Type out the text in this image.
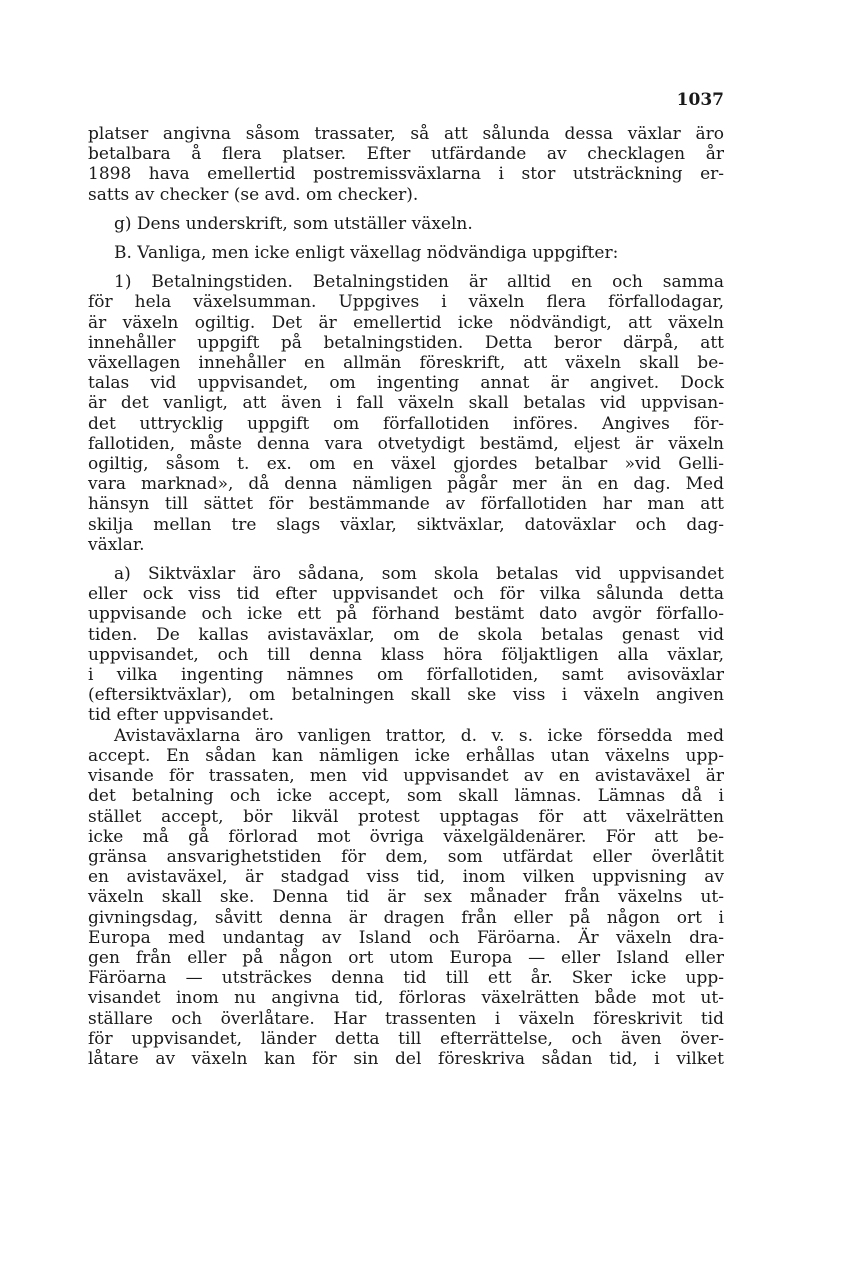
1037
platser angivna såsom trassater, så att sålunda dessa växlar äro
betalbara å flera platser. Efter utfärdande av checklagen år
1898 hava emellertid postremissväxlarna i stor utsträckning er-
satts av checker (se avd. om checker).
g) Dens underskrift, som utställer växeln.
B. Vanliga, men icke enligt växellag nödvändiga uppgifter:
1) Betalningstiden. Betalningstiden är alltid en och samma
för hela växelsumman. Uppgives i växeln flera förfallodagar,
är växeln ogiltig. Det är emellertid icke nödvändigt, att växeln
innehåller uppgift på betalningstiden. Detta beror därpå, att
växellagen innehåller en allmän föreskrift, att växeln skall be-
talas vid uppvisandet, om ingenting annat är angivet. Dock
är det vanligt, att även i fall växeln skall betalas vid uppvisan-
det uttrycklig uppgift om förfallotiden införes. Angives för-
fallotiden, måste denna vara otvetydigt bestämd, eljest är växeln
ogiltig, såsom t. ex. om en växel gjordes betalbar »vid Gelli-
vara marknad», då denna nämligen pågår mer än en dag. Med
hänsyn till sättet för bestämmande av förfallotiden har man att
skilja mellan tre slags växlar, siktväxlar, datoväxlar och dag-
växlar.
a) Siktväxlar äro sådana, som skola betalas vid uppvisandet
eller ock viss tid efter uppvisandet och för vilka sålunda detta
uppvisande och icke ett på förhand bestämt dato avgör förfallo-
tiden. De kallas avistaväxlar, om de skola betalas genast vid
uppvisandet, och till denna klass höra följaktligen alla växlar,
i vilka ingenting nämnes om förfallotiden, samt avisoväxlar
(eftersiktväxlar), om betalningen skall ske viss i växeln angiven
tid efter uppvisandet.
Avistaväxlarna äro vanligen trattor, d. v. s. icke försedda med
accept. En sådan kan nämligen icke erhållas utan växelns upp-
visande för trassaten, men vid uppvisandet av en avistaväxel är
det betalning och icke accept, som skall lämnas. Lämnas då i
stället accept, bör likväl protest upptagas för att växelrätten
icke må gå förlorad mot övriga växelgäldenärer. För att be-
gränsa ansvarighetstiden för dem, som utfärdat eller överlåtit
en avistaväxel, är stadgad viss tid, inom vilken uppvisning av
växeln skall ske. Denna tid är sex månader från växelns ut-
givningsdag, såvitt denna är dragen från eller på någon ort i
Europa med undantag av Island och Färöarna. Är växeln dra-
gen från eller på någon ort utom Europa — eller Island eller
Färöarna — utsträckes denna tid till ett år. Sker icke upp-
visandet inom nu angivna tid, förloras växelrätten både mot ut-
ställare och överlåtare. Har trassenten i växeln föreskrivit tid
för uppvisandet, länder detta till efterrättelse, och även över-
låtare av växeln kan för sin del föreskriva sådan tid, i vilket
